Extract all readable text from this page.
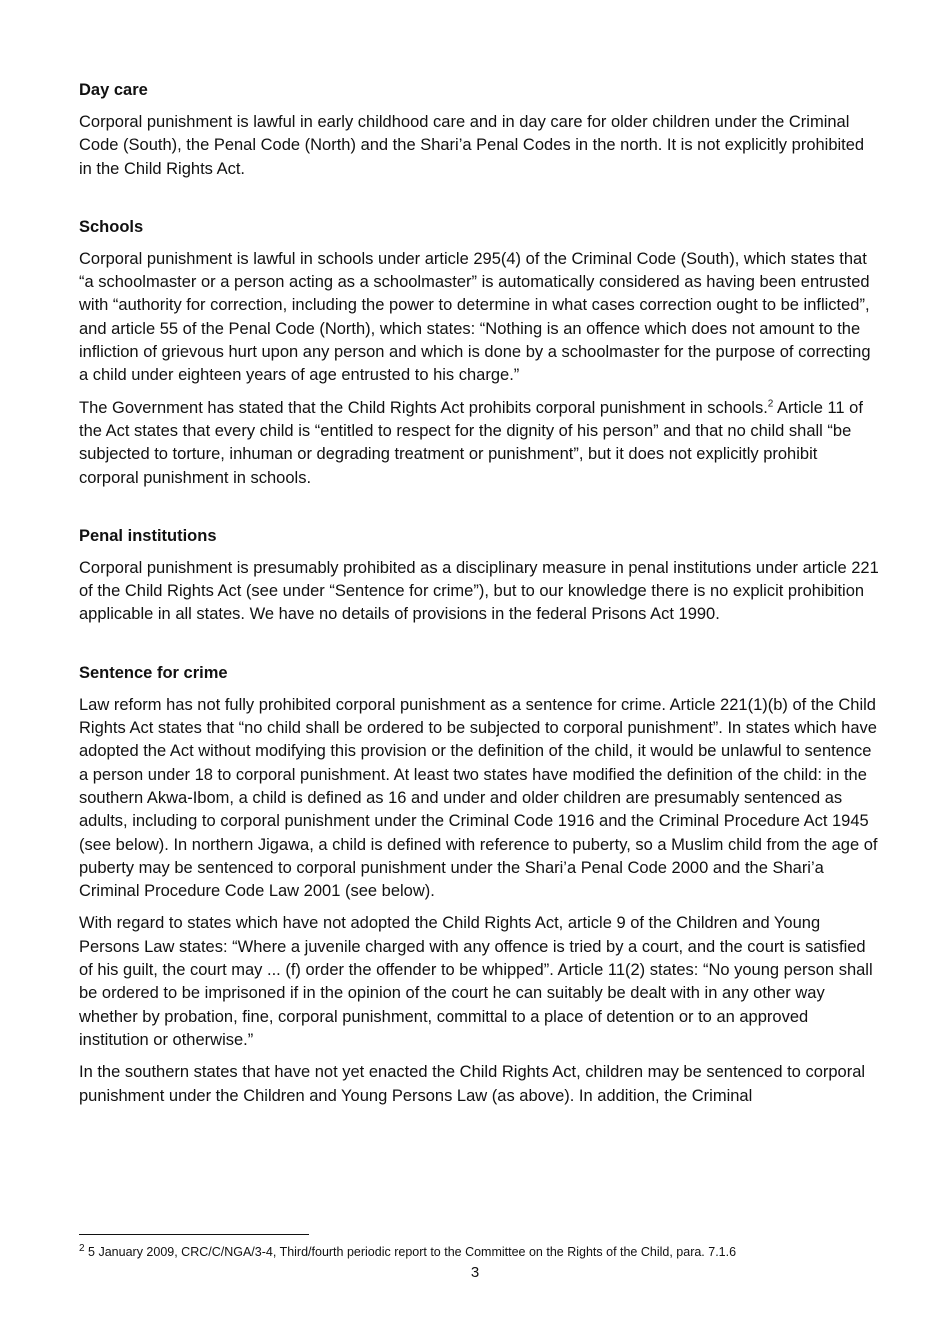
Day care
Corporal punishment is lawful in early childhood care and in day care for older children under the Criminal Code (South), the Penal Code (North) and the Shari’a Penal Codes in the north. It is not explicitly prohibited in the Child Rights Act.
Schools
Corporal punishment is lawful in schools under article 295(4) of the Criminal Code (South), which states that “a schoolmaster or a person acting as a schoolmaster” is automatically considered as having been entrusted with “authority for correction, including the power to determine in what cases correction ought to be inflicted”, and article 55 of the Penal Code (North), which states: “Nothing is an offence which does not amount to the infliction of grievous hurt upon any person and which is done by a schoolmaster for the purpose of correcting a child under eighteen years of age entrusted to his charge.”
The Government has stated that the Child Rights Act prohibits corporal punishment in schools.$^2$ Article 11 of the Act states that every child is “entitled to respect for the dignity of his person” and that no child shall “be subjected to torture, inhuman or degrading treatment or punishment”, but it does not explicitly prohibit corporal punishment in schools.
Penal institutions
Corporal punishment is presumably prohibited as a disciplinary measure in penal institutions under article 221 of the Child Rights Act (see under “Sentence for crime”), but to our knowledge there is no explicit prohibition applicable in all states. We have no details of provisions in the federal Prisons Act 1990.
Sentence for crime
Law reform has not fully prohibited corporal punishment as a sentence for crime. Article 221(1)(b) of the Child Rights Act states that “no child shall be ordered to be subjected to corporal punishment”. In states which have adopted the Act without modifying this provision or the definition of the child, it would be unlawful to sentence a person under 18 to corporal punishment. At least two states have modified the definition of the child: in the southern Akwa-Ibom, a child is defined as 16 and under and older children are presumably sentenced as adults, including to corporal punishment under the Criminal Code 1916 and the Criminal Procedure Act 1945 (see below). In northern Jigawa, a child is defined with reference to puberty, so a Muslim child from the age of puberty may be sentenced to corporal punishment under the Shari’a Penal Code 2000 and the Shari’a Criminal Procedure Code Law 2001 (see below).
With regard to states which have not adopted the Child Rights Act, article 9 of the Children and Young Persons Law states: “Where a juvenile charged with any offence is tried by a court, and the court is satisfied of his guilt, the court may ... (f) order the offender to be whipped”. Article 11(2) states: “No young person shall be ordered to be imprisoned if in the opinion of the court he can suitably be dealt with in any other way whether by probation, fine, corporal punishment, committal to a place of detention or to an approved institution or otherwise.”
In the southern states that have not yet enacted the Child Rights Act, children may be sentenced to corporal punishment under the Children and Young Persons Law (as above). In addition, the Criminal
$^2$ 5 January 2009, CRC/C/NGA/3-4, Third/fourth periodic report to the Committee on the Rights of the Child, para. 7.1.6
3
